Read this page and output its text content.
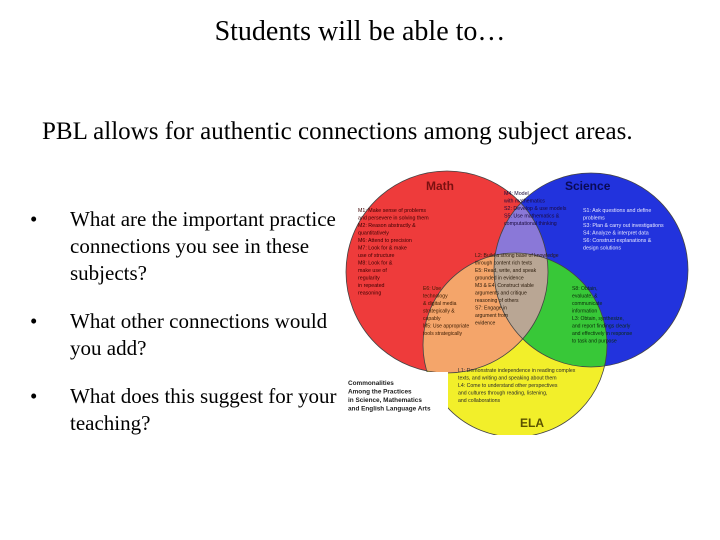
Students will be able to…
PBL allows for authentic connections among subject areas.
• What are the important practice connections you see in these subjects?
• What other connections would you add?
• What does this suggest for your teaching?
Math	Science
ELA
M1: Make sense of problems and persevere in solving them M2: Reason abstractly & quantitatively M6: Attend to precision M7: Look for & make use of structure M8: Look for & make use of regularity in repeated reasoning
M4: Model with mathematics S2: Develop & use models S5: Use mathematics & computational thinking
S1: Ask questions and define problems S3: Plan & carry out investigations S4: Analyze & interpret data S6: Construct explanations & design solutions
L2: Build a strong base of knowledge through content rich texts E5: Read, write, and speak grounded in evidence M3 & E4: Construct viable arguments and critique reasoning of others S7: Engage in argument from evidence
E6: Use technology & digital media strategically & capably M5: Use appropriate tools strategically
S8: Obtain, evaluate, & communicate information L3: Obtain, synthesize, and report findings clearly and effectively in response to task and purpose
L1: Demonstrate independence in reading complex texts, and writing and speaking about them L4: Come to understand other perspectives and cultures through reading, listening, and collaborations
Commonalities Among the Practices in Science, Mathematics and English Language Arts
